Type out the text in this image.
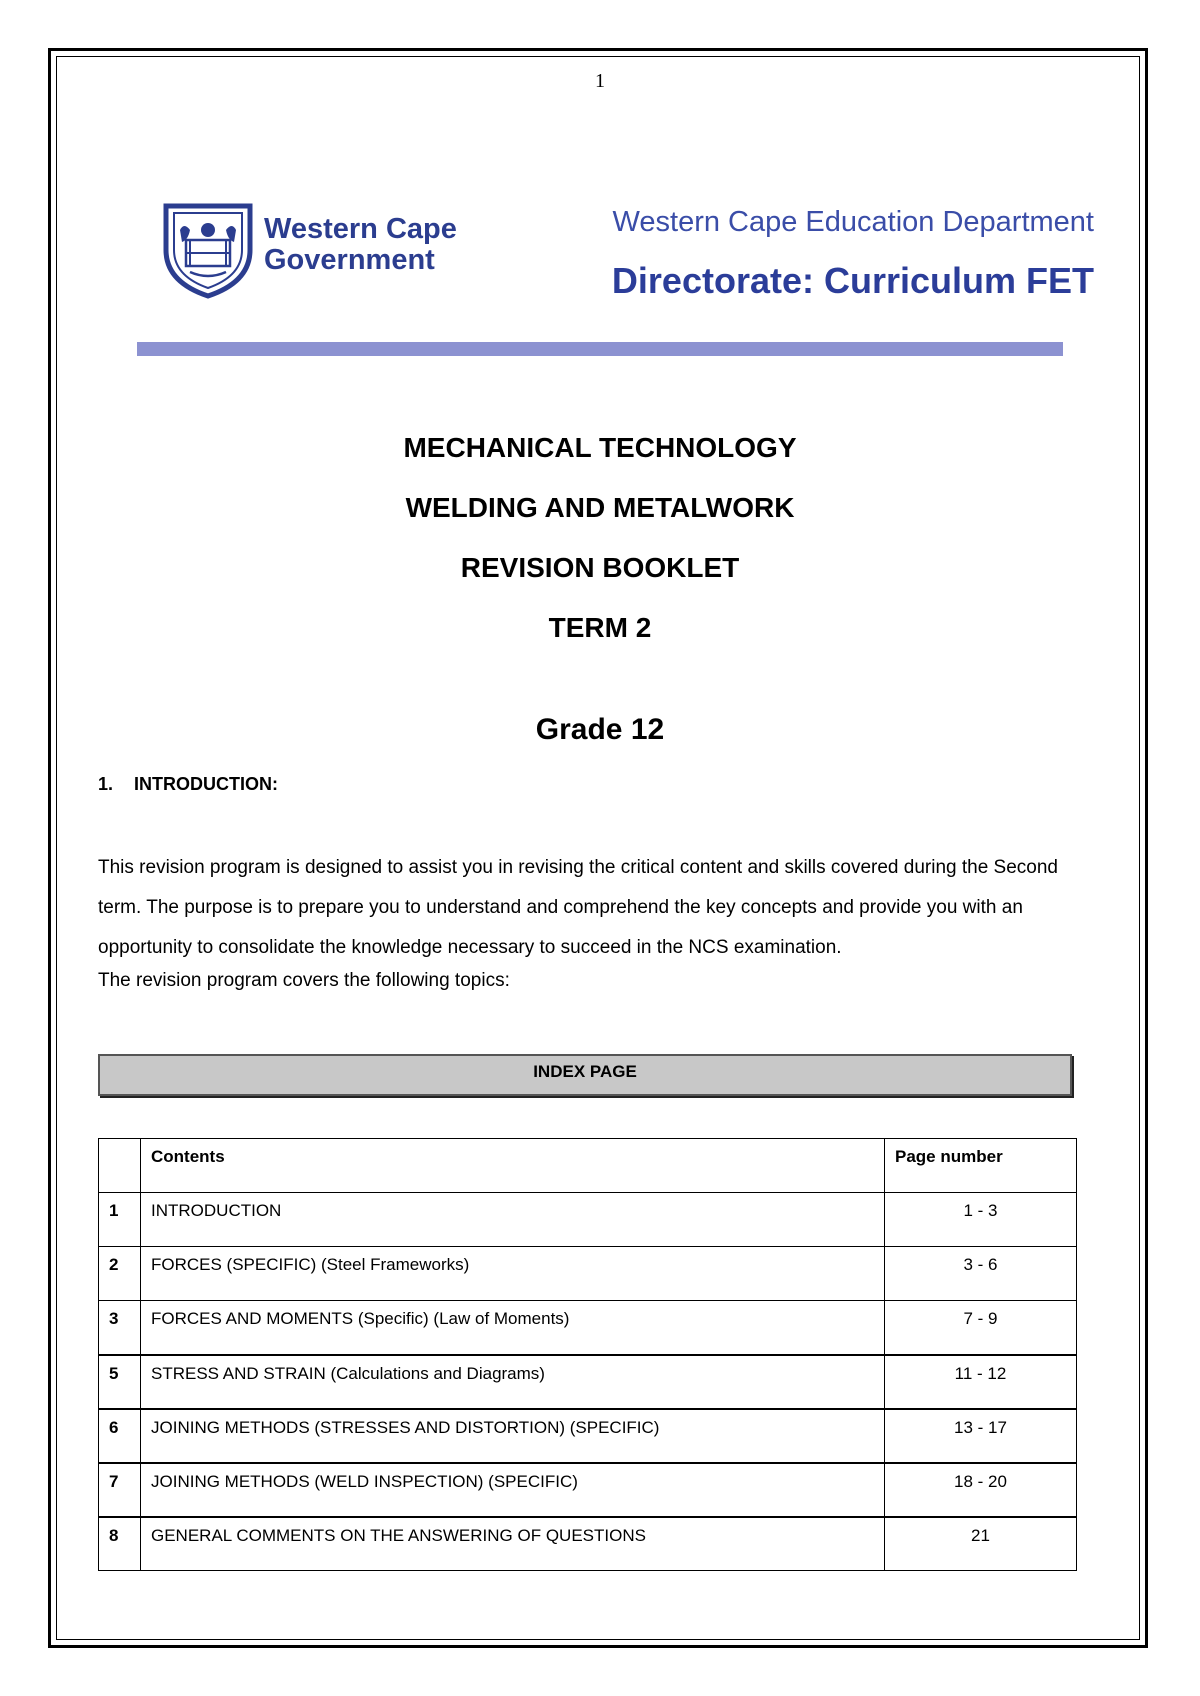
1
Western Cape
Government
Western Cape Education Department
Directorate: Curriculum FET
MECHANICAL TECHNOLOGY
WELDING AND METALWORK
REVISION BOOKLET
TERM 2
Grade 12
1. INTRODUCTION:
This revision program is designed to assist you in revising the critical content and skills covered during the Second
term. The purpose is to prepare you to understand and comprehend the key concepts and provide you with an
opportunity to consolidate the knowledge necessary to succeed in the NCS examination.
The revision program covers the following topics:
INDEX PAGE
	Contents	Page number
1	INTRODUCTION	1 - 3
2	FORCES (SPECIFIC) (Steel Frameworks)	3 - 6
3	FORCES AND MOMENTS (Specific) (Law of Moments)	7 - 9
5	STRESS AND STRAIN (Calculations and Diagrams)	11 - 12
6	JOINING METHODS (STRESSES AND DISTORTION) (SPECIFIC)	13 - 17
7	JOINING METHODS (WELD INSPECTION) (SPECIFIC)	18 - 20
8	GENERAL COMMENTS ON THE ANSWERING OF QUESTIONS	21
